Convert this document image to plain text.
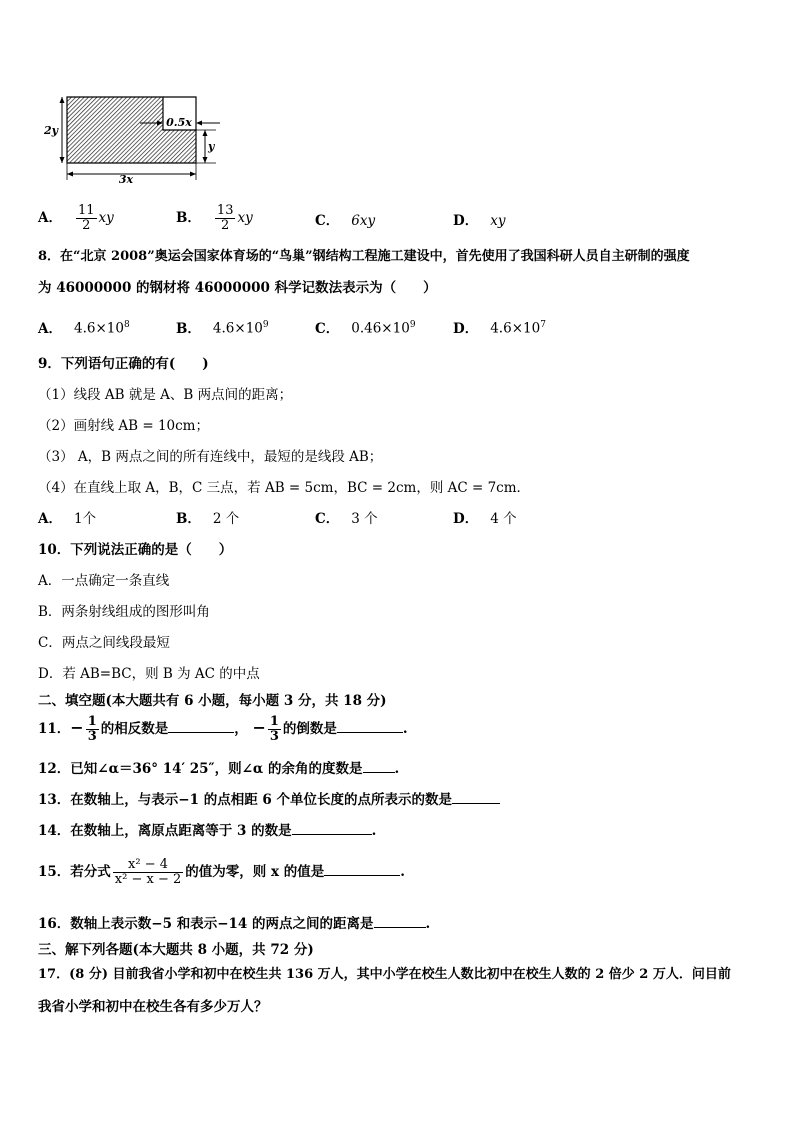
2y
0.5x
y
3x
A． $\frac{11}{2}$ xy	B． $\frac{13}{2}$ xy	C． 6xy	D． xy
8．在“北京 2008”奥运会国家体育场的“鸟巢”钢结构工程施工建设中，首先使用了我国科研人员自主研制的强度
为 46000000 的钢材将 46000000 科学记数法表示为（　　）
A． $4.6\times 10^8$	B． $4.6\times 10^9$	C． $0.46\times 10^9$	D． $4.6\times 10^7$
9．下列语句正确的有(　　)
（1）线段 AB 就是 A、B 两点间的距离；
（2）画射线 AB = 10cm；
（3） A，B 两点之间的所有连线中，最短的是线段 AB；
（4）在直线上取 A，B，C 三点，若 AB = 5cm，BC = 2cm，则 AC = 7cm．
A． 1个	B． 2 个	C． 3 个	D． 4 个
10．下列说法正确的是（　　）
A．一点确定一条直线
B．两条射线组成的图形叫角
C．两点之间线段最短
D．若 AB=BC，则 B 为 AC 的中点
二、填空题(本大题共有 6 小题，每小题 3 分，共 18 分)
11．− $\frac{1}{3}$ 的相反数是	， − $\frac{1}{3}$ 的倒数是	.
12．已知∠α＝36° 14′ 25″，则∠α 的余角的度数是 .
13．在数轴上，与表示−1 的点相距 6 个单位长度的点所表示的数是
14．在数轴上，离原点距离等于 3 的数是	.
15．若分式 $\frac{\text{x² − 4}}{\text{x² − x − 2}}$ 的值为零，则 x 的值是	.
16．数轴上表示数−5 和表示−14 的两点之间的距离是	.
三、解下列各题(本大题共 8 小题，共 72 分)
17．(8 分) 目前我省小学和初中在校生共 136 万人，其中小学在校生人数比初中在校生人数的 2 倍少 2 万人．问目前
我省小学和初中在校生各有多少万人？
